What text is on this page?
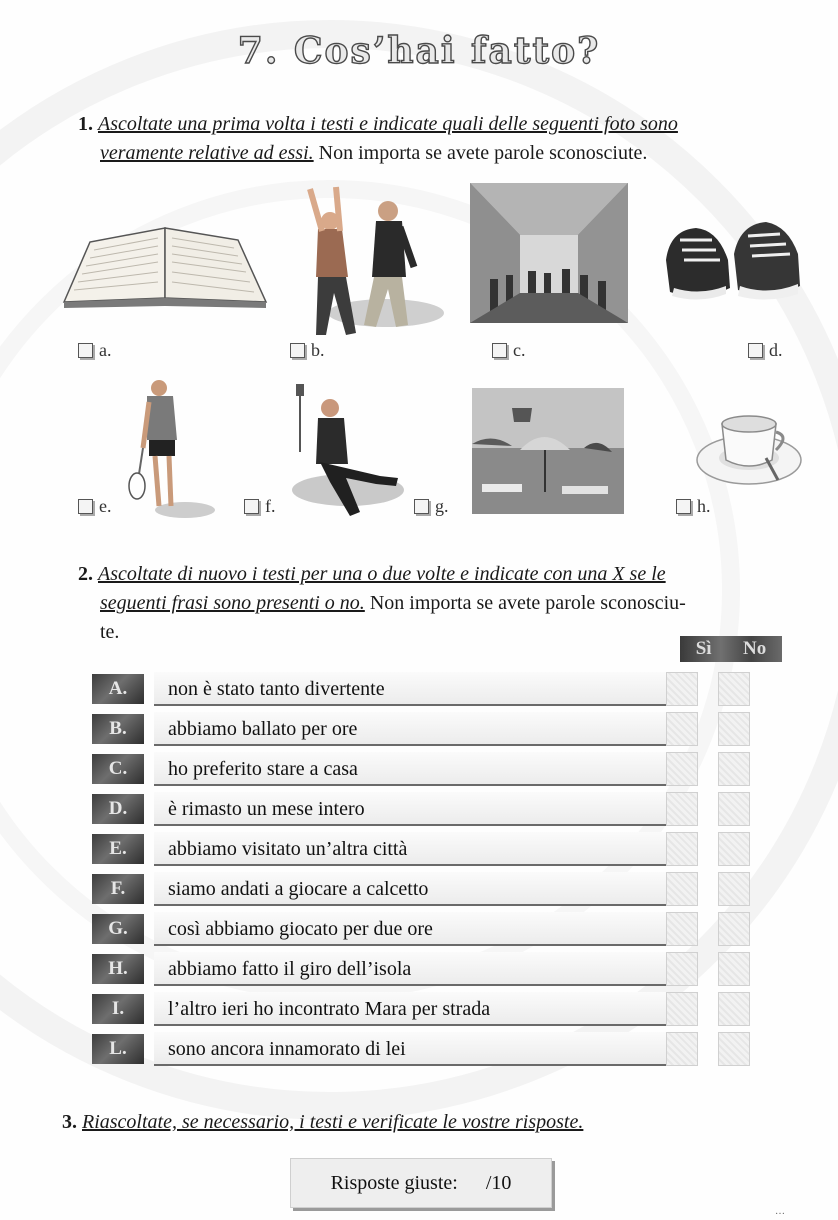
7. Cos’hai fatto?
1. Ascoltate una prima volta i testi e indicate quali delle seguenti foto sono
veramente relative ad essi. Non importa se avete parole sconosciute.
a.	b.	c.	d.
e.	f.	g.	h.
2. Ascoltate di nuovo i testi per una o due volte e indicate con una X se le
seguenti frasi sono presenti o no. Non importa se avete parole sconosciu-
te.
Sì No
A.	non è stato tanto divertente
B.	abbiamo ballato per ore
C.	ho preferito stare a casa
D.	è rimasto un mese intero
E.	abbiamo visitato un’altra città
F.	siamo andati a giocare a calcetto
G.	così abbiamo giocato per due ore
H.	abbiamo fatto il giro dell’isola
I.	l’altro ieri ho incontrato Mara per strada
L.	sono ancora innamorato di lei
3. Riascoltate, se necessario, i testi e verificate le vostre risposte.
Risposte giuste: /10
…
